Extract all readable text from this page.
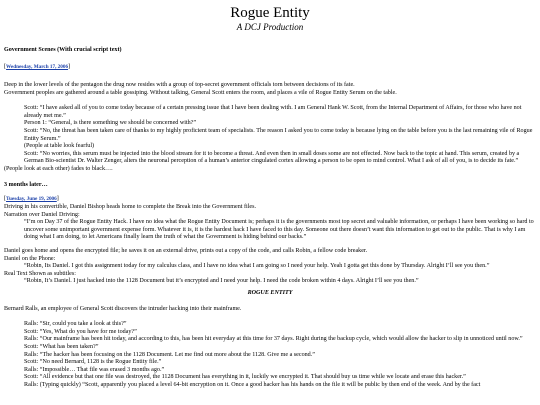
Rogue Entity
A DCJ Production
Government Scenes (With crucial script text)
[Wednesday, March 17, 2006]

Deep in the lower levels of the pentagon the drug now resides with a group of top-secret government officials torn between decisions of its fate.

Government peoples are gathered around a table gossiping. Without talking, General Scott enters the room, and places a vile of Rogue Entity Serum on the table.

Scott: “I have asked all of you to come today because of a certain pressing issue that I have been dealing with. I am General Hank W. Scott, from the Internal Department of Affairs, for those who have not already met me.”

Person 1: “General, is there something we should be concerned with?”

Scott: “No, the threat has been taken care of thanks to my highly proficient team of specialists. The reason I asked you to come today is because lying on the table before you is the last remaining vile of Rogue Entity Serum.”

(People at table look fearful)

Scott: “No worries, this serum must be injected into the blood stream for it to become a threat. And even then in small doses some are not effected. Now back to the topic at hand. This serum, created by a German Bio-scientist Dr. Walter Zenger, alters the neuronal perception of a human’s anterior cingulated cortex allowing a person to be open to mind control. What I ask of all of you, is to decide its fate.”

(People look at each other) fades to black….

3 months later…
[Tuesday, June 19, 2006]

Driving in his convertible, Daniel Bishop heads home to complete the Break into the Government files.

Narration over Daniel Driving:

“I’m on Day 37 of the Rogue Entity Hack. I have no idea what the Rogue Entity Document is; perhaps it is the governments most top secret and valuable information, or perhaps I have been working so hard to uncover some unimportant government expense form. Whatever it is, it is the hardest hack I have faced to this day. Someone out there doesn’t want this information to get out to the public. That is why I am doing what I am doing, to let Americans finally learn the truth of what the Government is hiding behind our backs.”

Daniel goes home and opens the encrypted file; he saves it on an external drive, prints out a copy of the code, and calls Robin, a fellow code breaker.

Daniel on the Phone:

“Robin, Its Daniel. I got this assignment today for my calculus class, and I have no idea what I am going so I need your help. Yeah I gotta get this done by Thursday. Alright I’ll see you then.”

Real Text Shown as subtitles:

“Robin, It’s Daniel. I just hacked into the 1128 Document but it’s encrypted and I need your help. I need the code broken within 4 days. Alright I’ll see you then.”

ROGUE ENTITY

Bernard Ralls, an employee of General Scott discovers the intruder hacking into their mainframe.

Ralls: “Sir, could you take a look at this?”

Scott: “Yes, What do you have for me today?”

Ralls: “Our mainframe has been hit today, and according to this, has been hit everyday at this time for 37 days. Right during the backup cycle, which would allow the hacker to slip in unnoticed until now.”

Scott: “What has been taken?”

Ralls: “The hacker has been focusing on the 1128 Document. Let me find out more about the 1128. Give me a second.”

Scott: “No need Bernard, 1128 is the Rogue Entity file.”

Ralls: “Impossible… That file was erased 3 months ago.”

Scott: “All evidence but that one file was destroyed, the 1128 Document has everything in it, luckily we encrypted it. That should buy us time while we locate and erase this hacker.”

Ralls: (Typing quickly) “Scott, apparently you placed a level 64-bit encryption on it. Once a good hacker has his hands on the file it will be public by then end of the week. And by the fact
